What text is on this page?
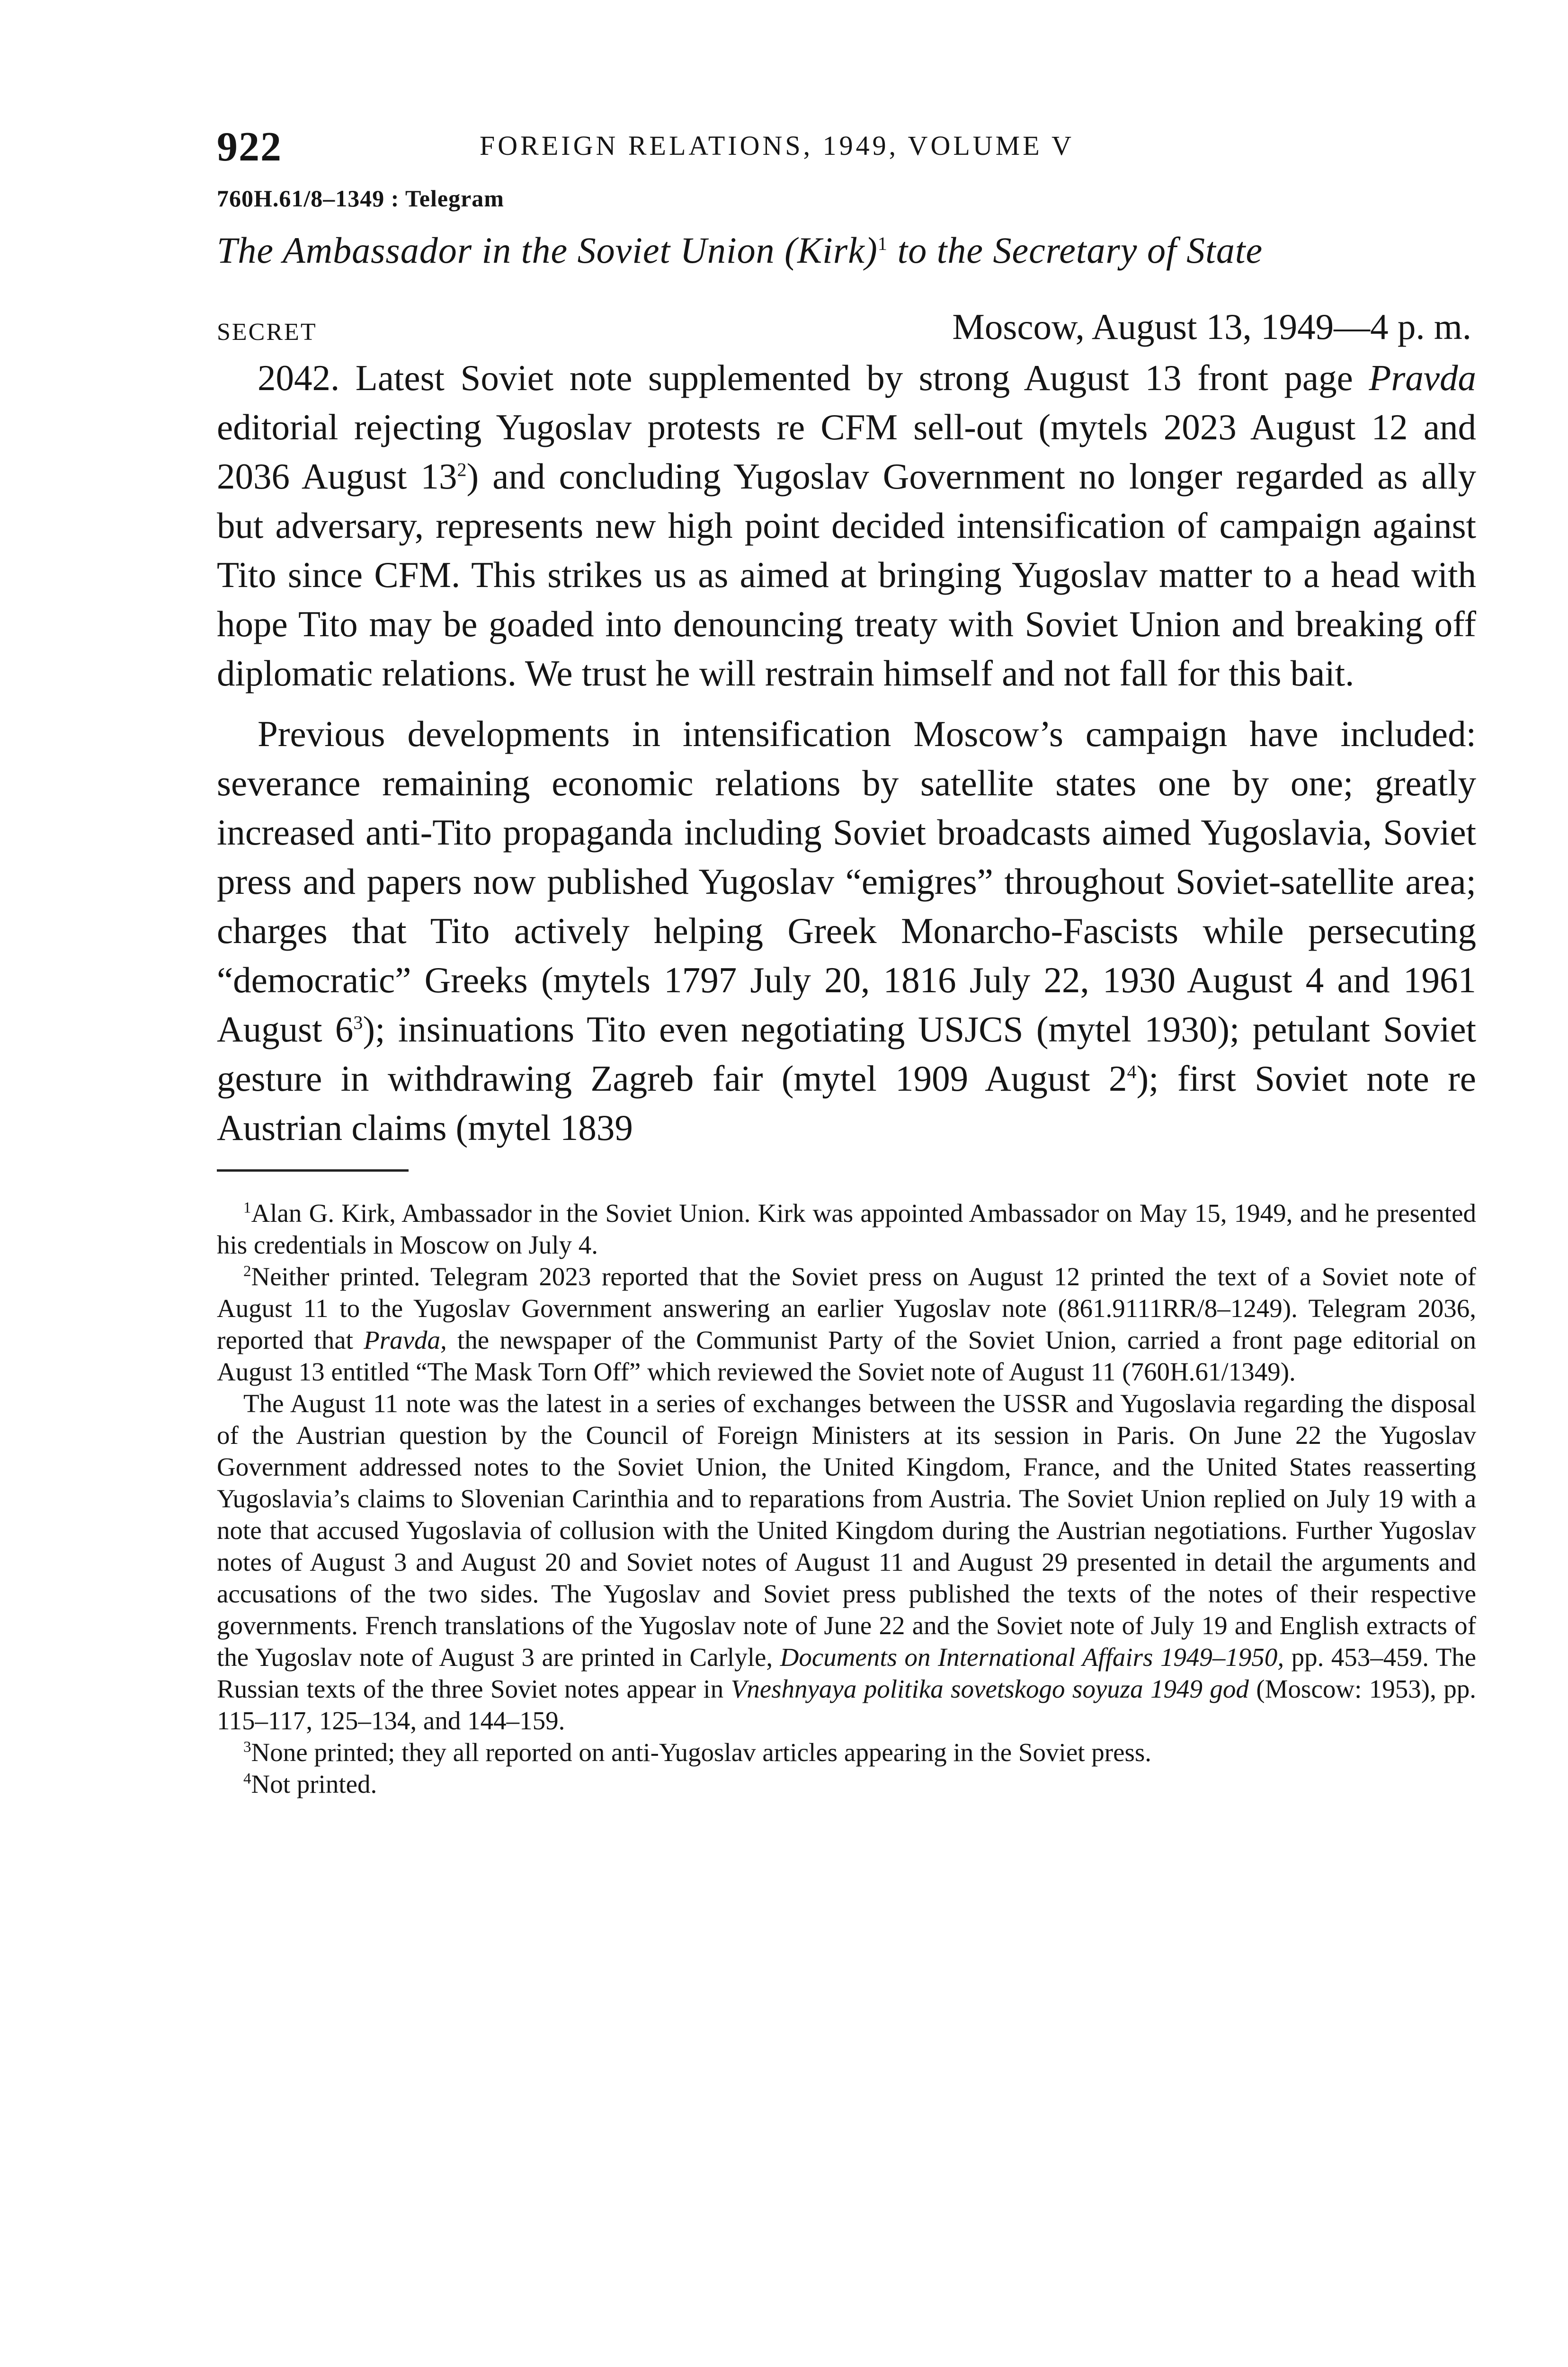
922	FOREIGN RELATIONS, 1949, VOLUME V
760H.61/8–1349 : Telegram
The Ambassador in the Soviet Union (Kirk)$^1$ to the Secretary of State
SECRET	Moscow, August 13, 1949—4 p. m.

2042. Latest Soviet note supplemented by strong August 13 front page Pravda editorial rejecting Yugoslav protests re CFM sell-out (mytels 2023 August 12 and 2036 August $13^2$) and concluding Yugoslav Government no longer regarded as ally but adversary, represents new high point decided intensification of campaign against Tito since CFM. This strikes us as aimed at bringing Yugoslav matter to a head with hope Tito may be goaded into denouncing treaty with Soviet Union and breaking off diplomatic relations. We trust he will restrain himself and not fall for this bait.

Previous developments in intensification Moscow’s campaign have included: severance remaining economic relations by satellite states one by one; greatly increased anti-Tito propaganda including Soviet broadcasts aimed Yugoslavia, Soviet press and papers now published Yugoslav “emigres” throughout Soviet-satellite area; charges that Tito actively helping Greek Monarcho-Fascists while persecuting “democratic” Greeks (mytels 1797 July 20, 1816 July 22, 1930 August 4 and 1961 August $6^3$); insinuations Tito even negotiating USJCS (mytel 1930); petulant Soviet gesture in withdrawing Zagreb fair (mytel 1909 August $2^4$); first Soviet note re Austrian claims (mytel 1839

$^1$Alan G. Kirk, Ambassador in the Soviet Union. Kirk was appointed Ambassador on May 15, 1949, and he presented his credentials in Moscow on July 4.

$^2$Neither printed. Telegram 2023 reported that the Soviet press on August 12 printed the text of a Soviet note of August 11 to the Yugoslav Government answering an earlier Yugoslav note (861.9111RR/8–1249). Telegram 2036, reported that Pravda, the newspaper of the Communist Party of the Soviet Union, carried a front page editorial on August 13 entitled “The Mask Torn Off” which reviewed the Soviet note of August 11 (760H.61/1349).

The August 11 note was the latest in a series of exchanges between the USSR and Yugoslavia regarding the disposal of the Austrian question by the Council of Foreign Ministers at its session in Paris. On June 22 the Yugoslav Government addressed notes to the Soviet Union, the United Kingdom, France, and the United States reasserting Yugoslavia’s claims to Slovenian Carinthia and to reparations from Austria. The Soviet Union replied on July 19 with a note that accused Yugoslavia of collusion with the United Kingdom during the Austrian negotiations. Further Yugoslav notes of August 3 and August 20 and Soviet notes of August 11 and August 29 presented in detail the arguments and accusations of the two sides. The Yugoslav and Soviet press published the texts of the notes of their respective governments. French translations of the Yugoslav note of June 22 and the Soviet note of July 19 and English extracts of the Yugoslav note of August 3 are printed in Carlyle, Documents on International Affairs 1949–1950, pp. 453–459. The Russian texts of the three Soviet notes appear in Vneshnyaya politika sovetskogo soyuza 1949 god (Moscow: 1953), pp. 115–117, 125–134, and 144–159.

$^3$None printed; they all reported on anti-Yugoslav articles appearing in the Soviet press.

$^4$Not printed.
